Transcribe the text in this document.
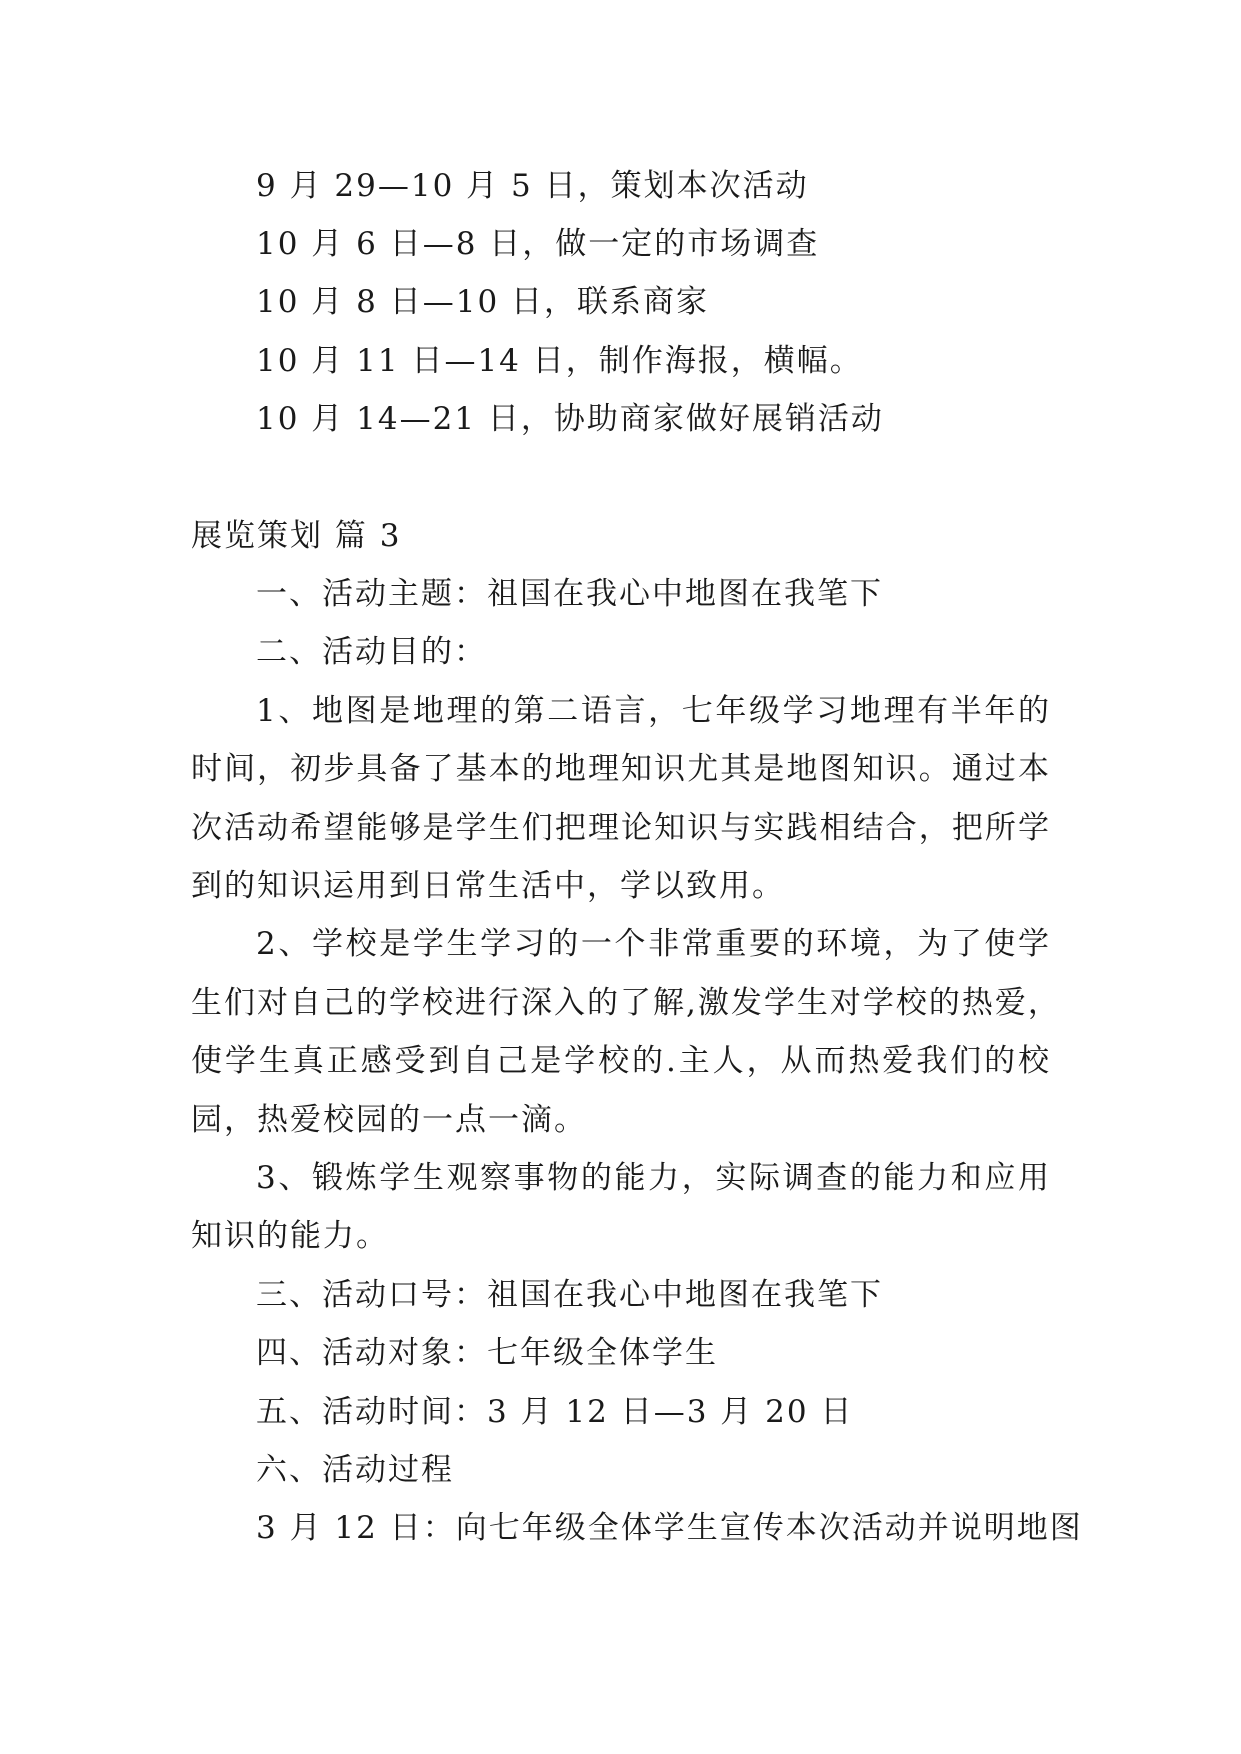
9 月 29—10 月 5 日，策划本次活动
10 月 6 日—8 日，做一定的市场调查
10 月 8 日—10 日，联系商家
10 月 11 日—14 日，制作海报，横幅。
10 月 14—21 日，协助商家做好展销活动
展览策划 篇 3
一、活动主题：祖国在我心中地图在我笔下
二、活动目的：
1、地图是地理的第二语言，七年级学习地理有半年的
时间，初步具备了基本的地理知识尤其是地图知识。通过本
次活动希望能够是学生们把理论知识与实践相结合，把所学
到的知识运用到日常生活中，学以致用。
2、学校是学生学习的一个非常重要的环境，为了使学
生们对自己的学校进行深入的了解,激发学生对学校的热爱，
使学生真正感受到自己是学校的.主人，从而热爱我们的校
园，热爱校园的一点一滴。
3、锻炼学生观察事物的能力，实际调查的能力和应用
知识的能力。
三、活动口号：祖国在我心中地图在我笔下
四、活动对象：七年级全体学生
五、活动时间：3 月 12 日—3 月 20 日
六、活动过程
3 月 12 日：向七年级全体学生宣传本次活动并说明地图
